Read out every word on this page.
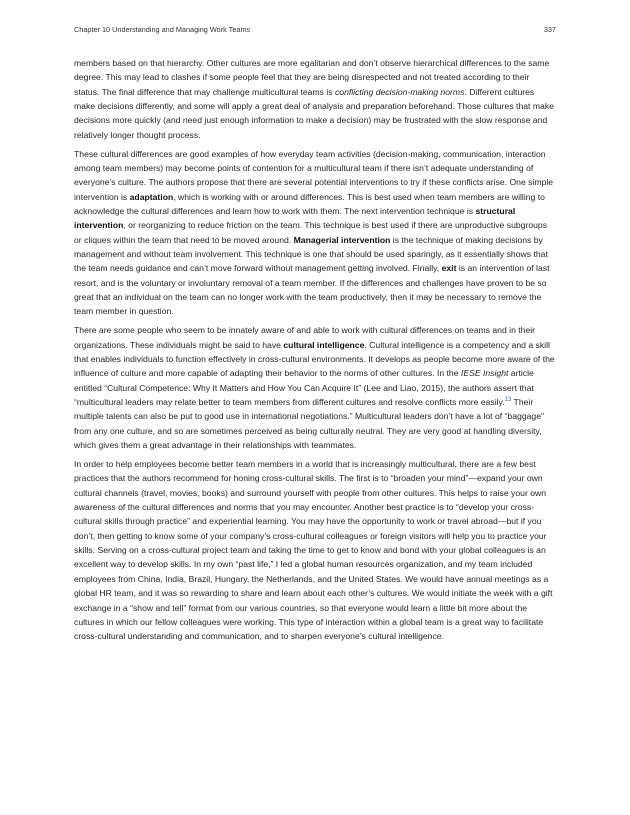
Chapter 10 Understanding and Managing Work Teams	337

members based on that hierarchy. Other cultures are more egalitarian and don’t observe hierarchical differences to the same degree. This may lead to clashes if some people feel that they are being disrespected and not treated according to their status. The final difference that may challenge multicultural teams is conflicting decision-making norms. Different cultures make decisions differently, and some will apply a great deal of analysis and preparation beforehand. Those cultures that make decisions more quickly (and need just enough information to make a decision) may be frustrated with the slow response and relatively longer thought process.

These cultural differences are good examples of how everyday team activities (decision-making, communication, interaction among team members) may become points of contention for a multicultural team if there isn’t adequate understanding of everyone’s culture. The authors propose that there are several potential interventions to try if these conflicts arise. One simple intervention is adaptation, which is working with or around differences. This is best used when team members are willing to acknowledge the cultural differences and learn how to work with them. The next intervention technique is structural intervention, or reorganizing to reduce friction on the team. This technique is best used if there are unproductive subgroups or cliques within the team that need to be moved around. Managerial intervention is the technique of making decisions by management and without team involvement. This technique is one that should be used sparingly, as it essentially shows that the team needs guidance and can’t move forward without management getting involved. Finally, exit is an intervention of last resort, and is the voluntary or involuntary removal of a team member. If the differences and challenges have proven to be so great that an individual on the team can no longer work with the team productively, then it may be necessary to remove the team member in question.

There are some people who seem to be innately aware of and able to work with cultural differences on teams and in their organizations. These individuals might be said to have cultural intelligence. Cultural intelligence is a competency and a skill that enables individuals to function effectively in cross-cultural environments. It develops as people become more aware of the influence of culture and more capable of adapting their behavior to the norms of other cultures. In the IESE Insight article entitled “Cultural Competence: Why It Matters and How You Can Acquire It” (Lee and Liao, 2015), the authors assert that “multicultural leaders may relate better to team members from different cultures and resolve conflicts more easily.$^{13}$ Their multiple talents can also be put to good use in international negotiations.” Multicultural leaders don’t have a lot of “baggage” from any one culture, and so are sometimes perceived as being culturally neutral. They are very good at handling diversity, which gives them a great advantage in their relationships with teammates.

In order to help employees become better team members in a world that is increasingly multicultural, there are a few best practices that the authors recommend for honing cross-cultural skills. The first is to “broaden your mind”—expand your own cultural channels (travel, movies, books) and surround yourself with people from other cultures. This helps to raise your own awareness of the cultural differences and norms that you may encounter. Another best practice is to “develop your cross-cultural skills through practice” and experiential learning. You may have the opportunity to work or travel abroad—but if you don’t, then getting to know some of your company’s cross-cultural colleagues or foreign visitors will help you to practice your skills. Serving on a cross-cultural project team and taking the time to get to know and bond with your global colleagues is an excellent way to develop skills. In my own “past life,” I led a global human resources organization, and my team included employees from China, India, Brazil, Hungary, the Netherlands, and the United States. We would have annual meetings as a global HR team, and it was so rewarding to share and learn about each other’s cultures. We would initiate the week with a gift exchange in a “show and tell” format from our various countries, so that everyone would learn a little bit more about the cultures in which our fellow colleagues were working. This type of interaction within a global team is a great way to facilitate cross-cultural understanding and communication, and to sharpen everyone’s cultural intelligence.
